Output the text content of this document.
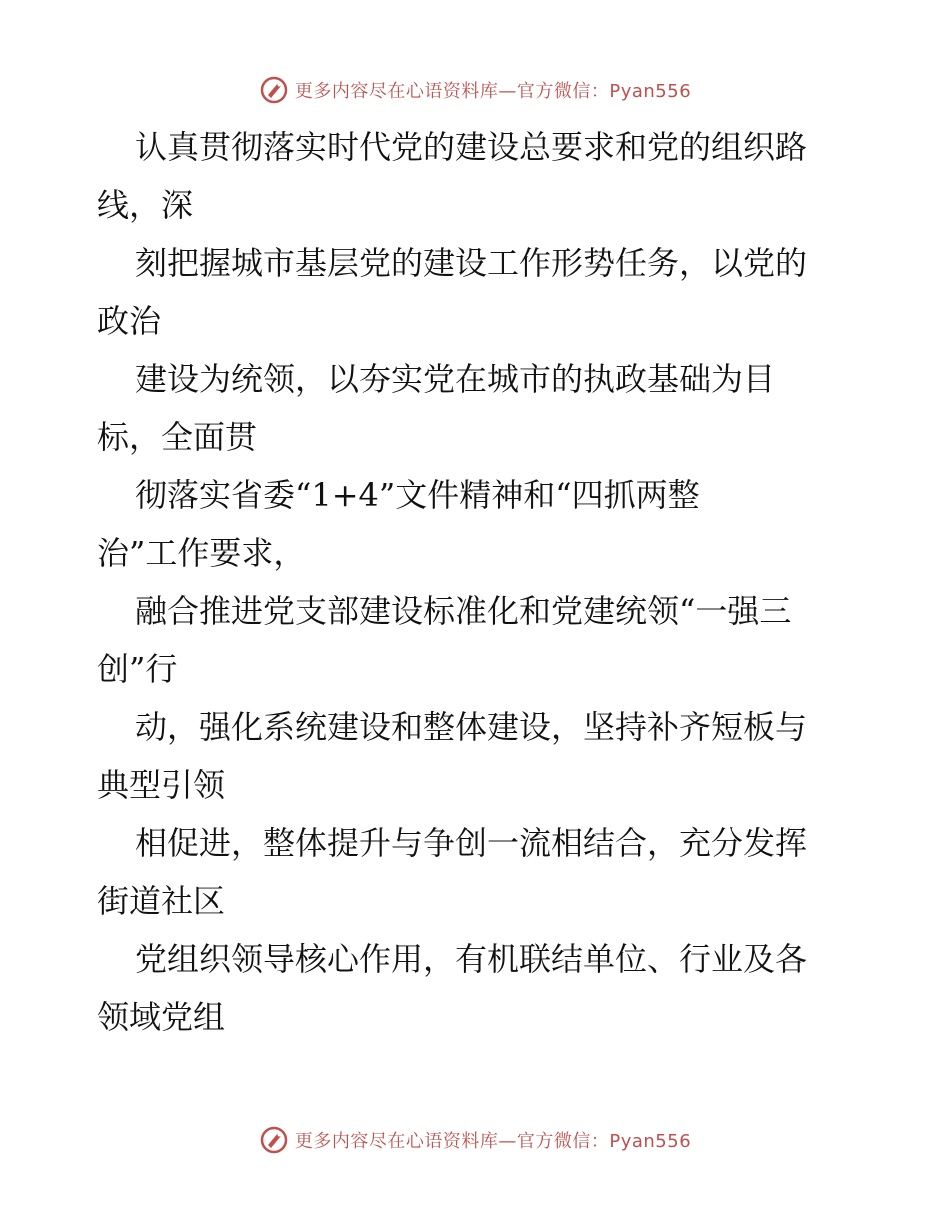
更多内容尽在心语资料库—官方微信：Pyan556
认真贯彻落实时代党的建设总要求和党的组织路
线，深
刻把握城市基层党的建设工作形势任务，以党的
政治
建设为统领，以夯实党在城市的执政基础为目
标，全面贯
彻落实省委“1+4”文件精神和“四抓两整
治”工作要求，
融合推进党支部建设标准化和党建统领“一强三
创”行
动，强化系统建设和整体建设，坚持补齐短板与
典型引领
相促进，整体提升与争创一流相结合，充分发挥
街道社区
党组织领导核心作用，有机联结单位、行业及各
领域党组
更多内容尽在心语资料库—官方微信：Pyan556
